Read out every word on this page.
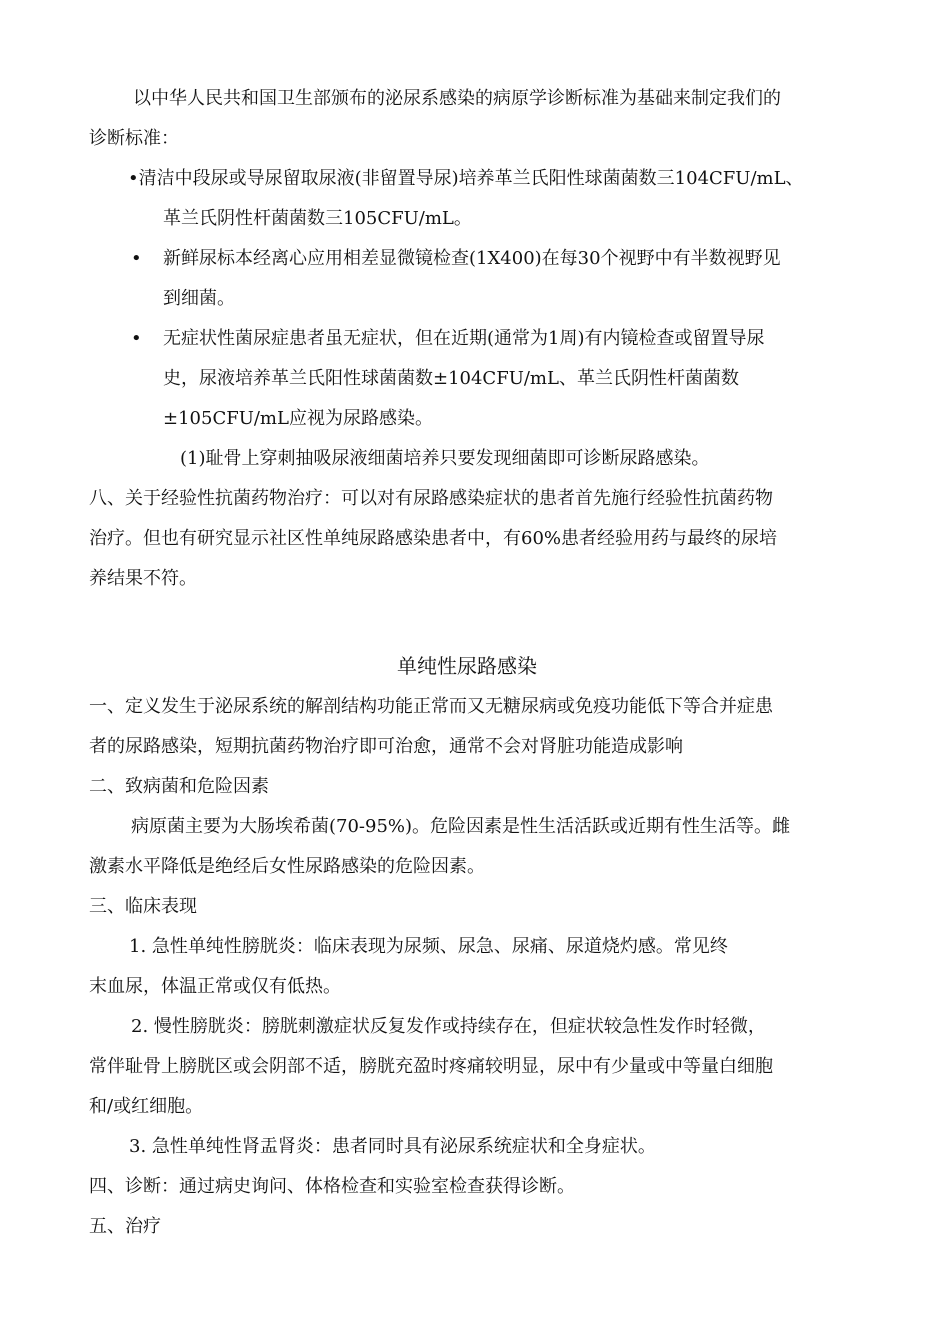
以中华人民共和国卫生部颁布的泌尿系感染的病原学诊断标准为基础来制定我们的
诊断标准：
•清洁中段尿或导尿留取尿液(非留置导尿)培养革兰氏阳性球菌菌数三104CFU/mL、
革兰氏阴性杆菌菌数三105CFU/mL。
• 新鲜尿标本经离心应用相差显微镜检查(1X400)在每30个视野中有半数视野见
到细菌。
• 无症状性菌尿症患者虽无症状，但在近期(通常为1周)有内镜检查或留置导尿
史，尿液培养革兰氏阳性球菌菌数±104CFU/mL、革兰氏阴性杆菌菌数
±105CFU/mL应视为尿路感染。
(1)耻骨上穿刺抽吸尿液细菌培养只要发现细菌即可诊断尿路感染。
八、关于经验性抗菌药物治疗：可以对有尿路感染症状的患者首先施行经验性抗菌药物
治疗。但也有研究显示社区性单纯尿路感染患者中，有60%患者经验用药与最终的尿培
养结果不符。
单纯性尿路感染
一、定义发生于泌尿系统的解剖结构功能正常而又无糖尿病或免疫功能低下等合并症患
者的尿路感染，短期抗菌药物治疗即可治愈，通常不会对肾脏功能造成影响
二、致病菌和危险因素
病原菌主要为大肠埃希菌(70-95%)。危险因素是性生活活跃或近期有性生活等。雌
激素水平降低是绝经后女性尿路感染的危险因素。
三、临床表现
1. 急性单纯性膀胱炎：临床表现为尿频、尿急、尿痛、尿道烧灼感。常见终
末血尿，体温正常或仅有低热。
2. 慢性膀胱炎：膀胱刺激症状反复发作或持续存在，但症状较急性发作时轻微，
常伴耻骨上膀胱区或会阴部不适，膀胱充盈时疼痛较明显，尿中有少量或中等量白细胞
和/或红细胞。
3. 急性单纯性肾盂肾炎：患者同时具有泌尿系统症状和全身症状。
四、诊断：通过病史询问、体格检查和实验室检查获得诊断。
五、治疗
